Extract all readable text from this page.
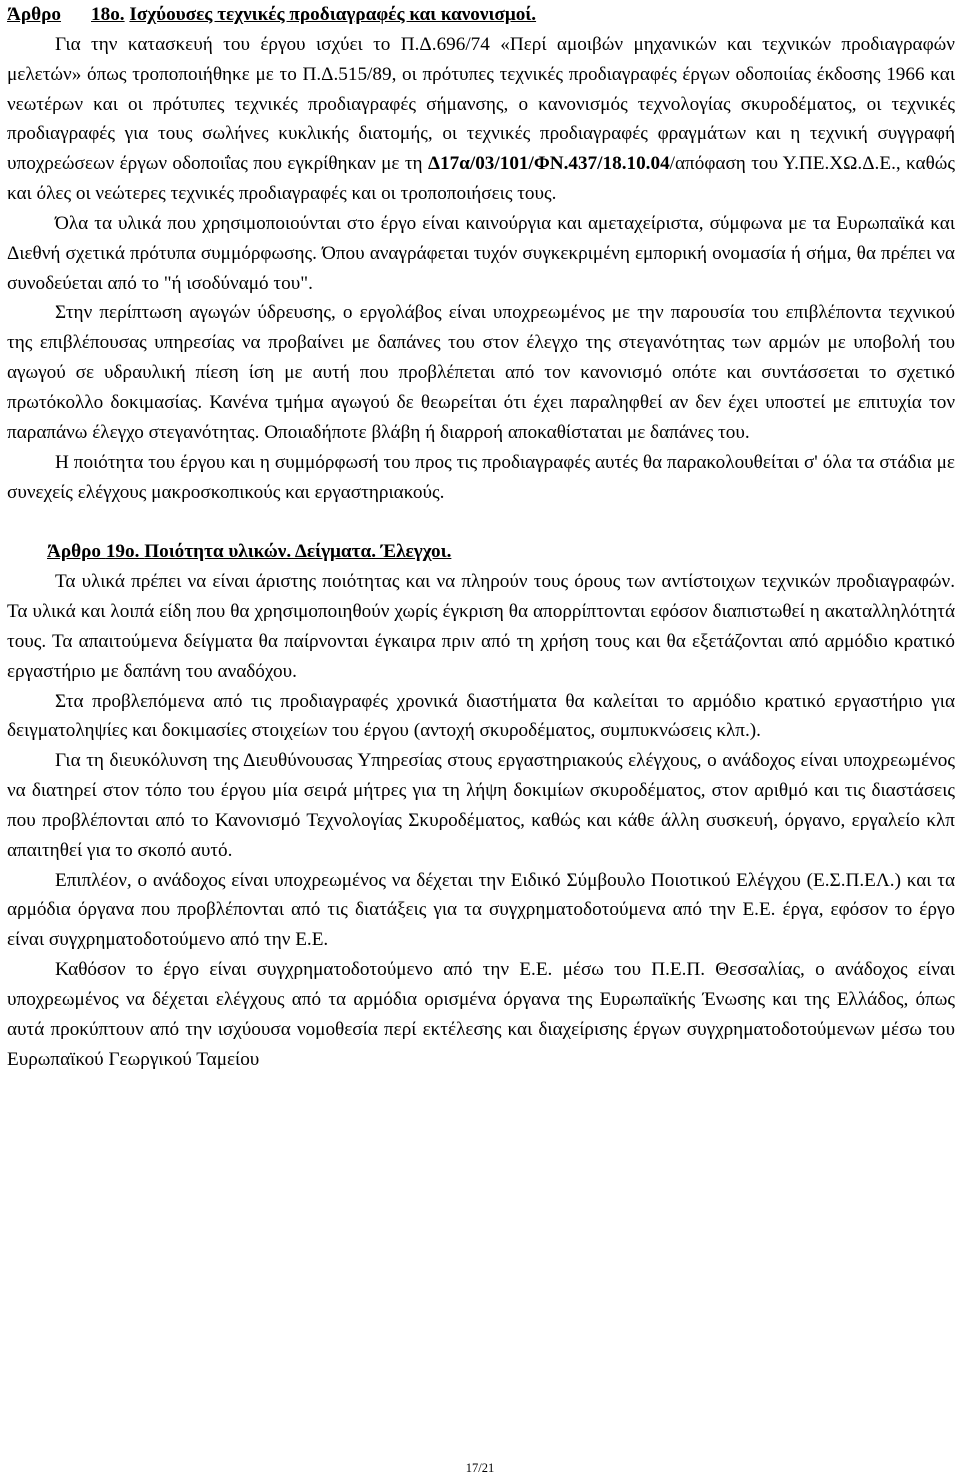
Άρθρο 18ο. Ισχύουσες τεχνικές προδιαγραφές και κανονισμοί.

Για την κατασκευή του έργου ισχύει το Π.Δ.696/74 «Περί αμοιβών μηχανικών και τεχνικών προδιαγραφών μελετών» όπως τροποποιήθηκε με το Π.Δ.515/89, οι πρότυπες τεχνικές προδιαγραφές έργων οδοποιίας έκδοσης 1966 και νεωτέρων και οι πρότυπες τεχνικές προδιαγραφές σήμανσης, ο κανονισμός τεχνολογίας σκυροδέματος, οι τεχνικές προδιαγραφές για τους σωλήνες κυκλικής διατομής, οι τεχνικές προδιαγραφές φραγμάτων και η τεχνική συγγραφή υποχρεώσεων έργων οδοποιΐας που εγκρίθηκαν με τη Δ17α/03/101/ΦΝ.437/18.10.04/απόφαση του Υ.ΠΕ.ΧΩ.Δ.Ε., καθώς και όλες οι νεώτερες τεχνικές προδιαγραφές και οι τροποποιήσεις τους.

Όλα τα υλικά που χρησιμοποιούνται στο έργο είναι καινούργια και αμεταχείριστα, σύμφωνα με τα Ευρωπαϊκά και Διεθνή σχετικά πρότυπα συμμόρφωσης. Όπου αναγράφεται τυχόν συγκεκριμένη εμπορική ονομασία ή σήμα, θα πρέπει να συνοδεύεται από το "ή ισοδύναμό του".

Στην περίπτωση αγωγών ύδρευσης, ο εργολάβος είναι υποχρεωμένος με την παρουσία του επιβλέποντα τεχνικού της επιβλέπουσας υπηρεσίας να προβαίνει με δαπάνες του στον έλεγχο της στεγανότητας των αρμών με υποβολή του αγωγού σε υδραυλική πίεση ίση με αυτή που προβλέπεται από τον κανονισμό οπότε και συντάσσεται το σχετικό πρωτόκολλο δοκιμασίας. Κανένα τμήμα αγωγού δε θεωρείται ότι έχει παραληφθεί αν δεν έχει υποστεί με επιτυχία τον παραπάνω έλεγχο στεγανότητας. Οποιαδήποτε βλάβη ή διαρροή αποκαθίσταται με δαπάνες του.

Η ποιότητα του έργου και η συμμόρφωσή του προς τις προδιαγραφές αυτές θα παρακολουθείται σ' όλα τα στάδια με συνεχείς ελέγχους μακροσκοπικούς και εργαστηριακούς.

Άρθρο 19ο. Ποιότητα υλικών. Δείγματα. Έλεγχοι.

Τα υλικά πρέπει να είναι άριστης ποιότητας και να πληρούν τους όρους των αντίστοιχων τεχνικών προδιαγραφών. Τα υλικά και λοιπά είδη που θα χρησιμοποιηθούν χωρίς έγκριση θα απορρίπτονται εφόσον διαπιστωθεί η ακαταλληλότητά τους. Τα απαιτούμενα δείγματα θα παίρνονται έγκαιρα πριν από τη χρήση τους και θα εξετάζονται από αρμόδιο κρατικό εργαστήριο με δαπάνη του αναδόχου.

Στα προβλεπόμενα από τις προδιαγραφές χρονικά διαστήματα θα καλείται το αρμόδιο κρατικό εργαστήριο για δειγματοληψίες και δοκιμασίες στοιχείων του έργου (αντοχή σκυροδέματος, συμπυκνώσεις κλπ.).

Για τη διευκόλυνση της Διευθύνουσας Υπηρεσίας στους εργαστηριακούς ελέγχους, ο ανάδοχος είναι υποχρεωμένος να διατηρεί στον τόπο του έργου μία σειρά μήτρες για τη λήψη δοκιμίων σκυροδέματος, στον αριθμό και τις διαστάσεις που προβλέπονται από το Κανονισμό Τεχνολογίας Σκυροδέματος, καθώς και κάθε άλλη συσκευή, όργανο, εργαλείο κλπ απαιτηθεί για το σκοπό αυτό.

Επιπλέον, ο ανάδοχος είναι υποχρεωμένος να δέχεται την Ειδικό Σύμβουλο Ποιοτικού Ελέγχου (Ε.Σ.Π.ΕΛ.) και τα αρμόδια όργανα που προβλέπονται από τις διατάξεις για τα συγχρηματοδοτούμενα από την Ε.Ε. έργα, εφόσον το έργο είναι συγχρηματοδοτούμενο από την Ε.Ε.

Καθόσον το έργο είναι συγχρηματοδοτούμενο από την Ε.Ε. μέσω του Π.Ε.Π. Θεσσαλίας, ο ανάδοχος είναι υποχρεωμένος να δέχεται ελέγχους από τα αρμόδια ορισμένα όργανα της Ευρωπαϊκής Ένωσης και της Ελλάδος, όπως αυτά προκύπτουν από την ισχύουσα νομοθεσία περί εκτέλεσης και διαχείρισης έργων συγχρηματοδοτούμενων μέσω του Ευρωπαϊκού Γεωργικού Ταμείου

17/21
